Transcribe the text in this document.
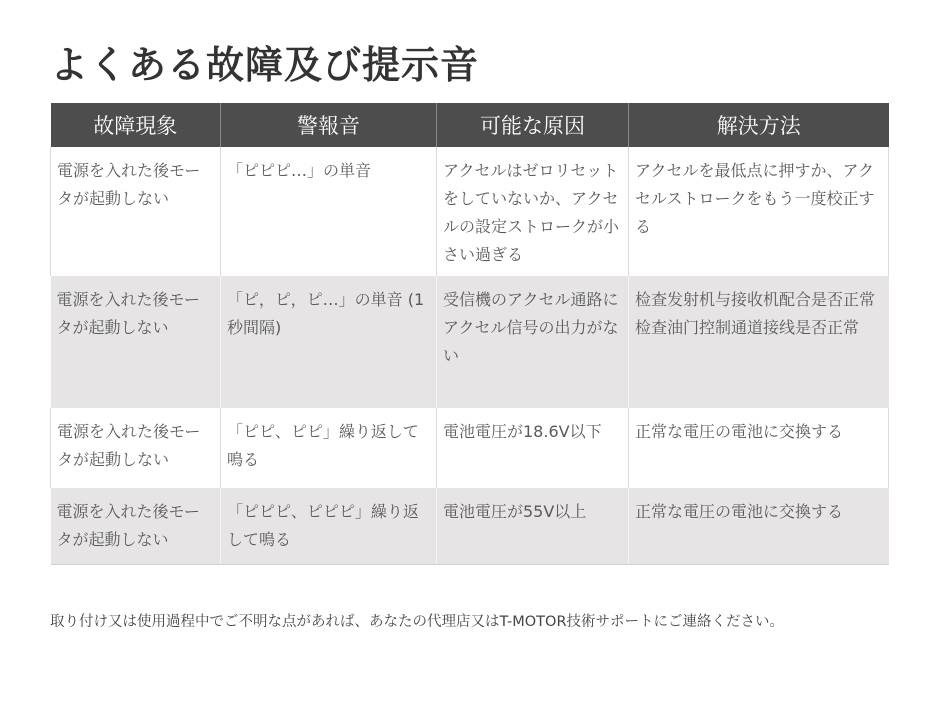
よくある故障及び提示音
故障現象	警報音	可能な原因	解決方法
電源を入れた後モータが起動しない	「ピピピ…」の単音	アクセルはゼロリセットをしていないか、アクセルの設定ストロークが小さい過ぎる	アクセルを最低点に押すか、アクセルストロークをもう一度校正する
電源を入れた後モータが起動しない	「ピ，ピ，ピ…」の単音 (1秒間隔)	受信機のアクセル通路にアクセル信号の出力がない	检查发射机与接收机配合是否正常
检查油门控制通道接线是否正常

電源を入れた後モータが起動しない	「ピピ、ピピ」繰り返して鳴る	電池電圧が18.6V以下	正常な電圧の電池に交換する
電源を入れた後モータが起動しない	「ピピピ、ピピピ」繰り返して鳴る	電池電圧が55V以上	正常な電圧の電池に交換する

取り付け又は使用過程中でご不明な点があれば、あなたの代理店又はT-MOTOR技術サポートにご連絡ください。
